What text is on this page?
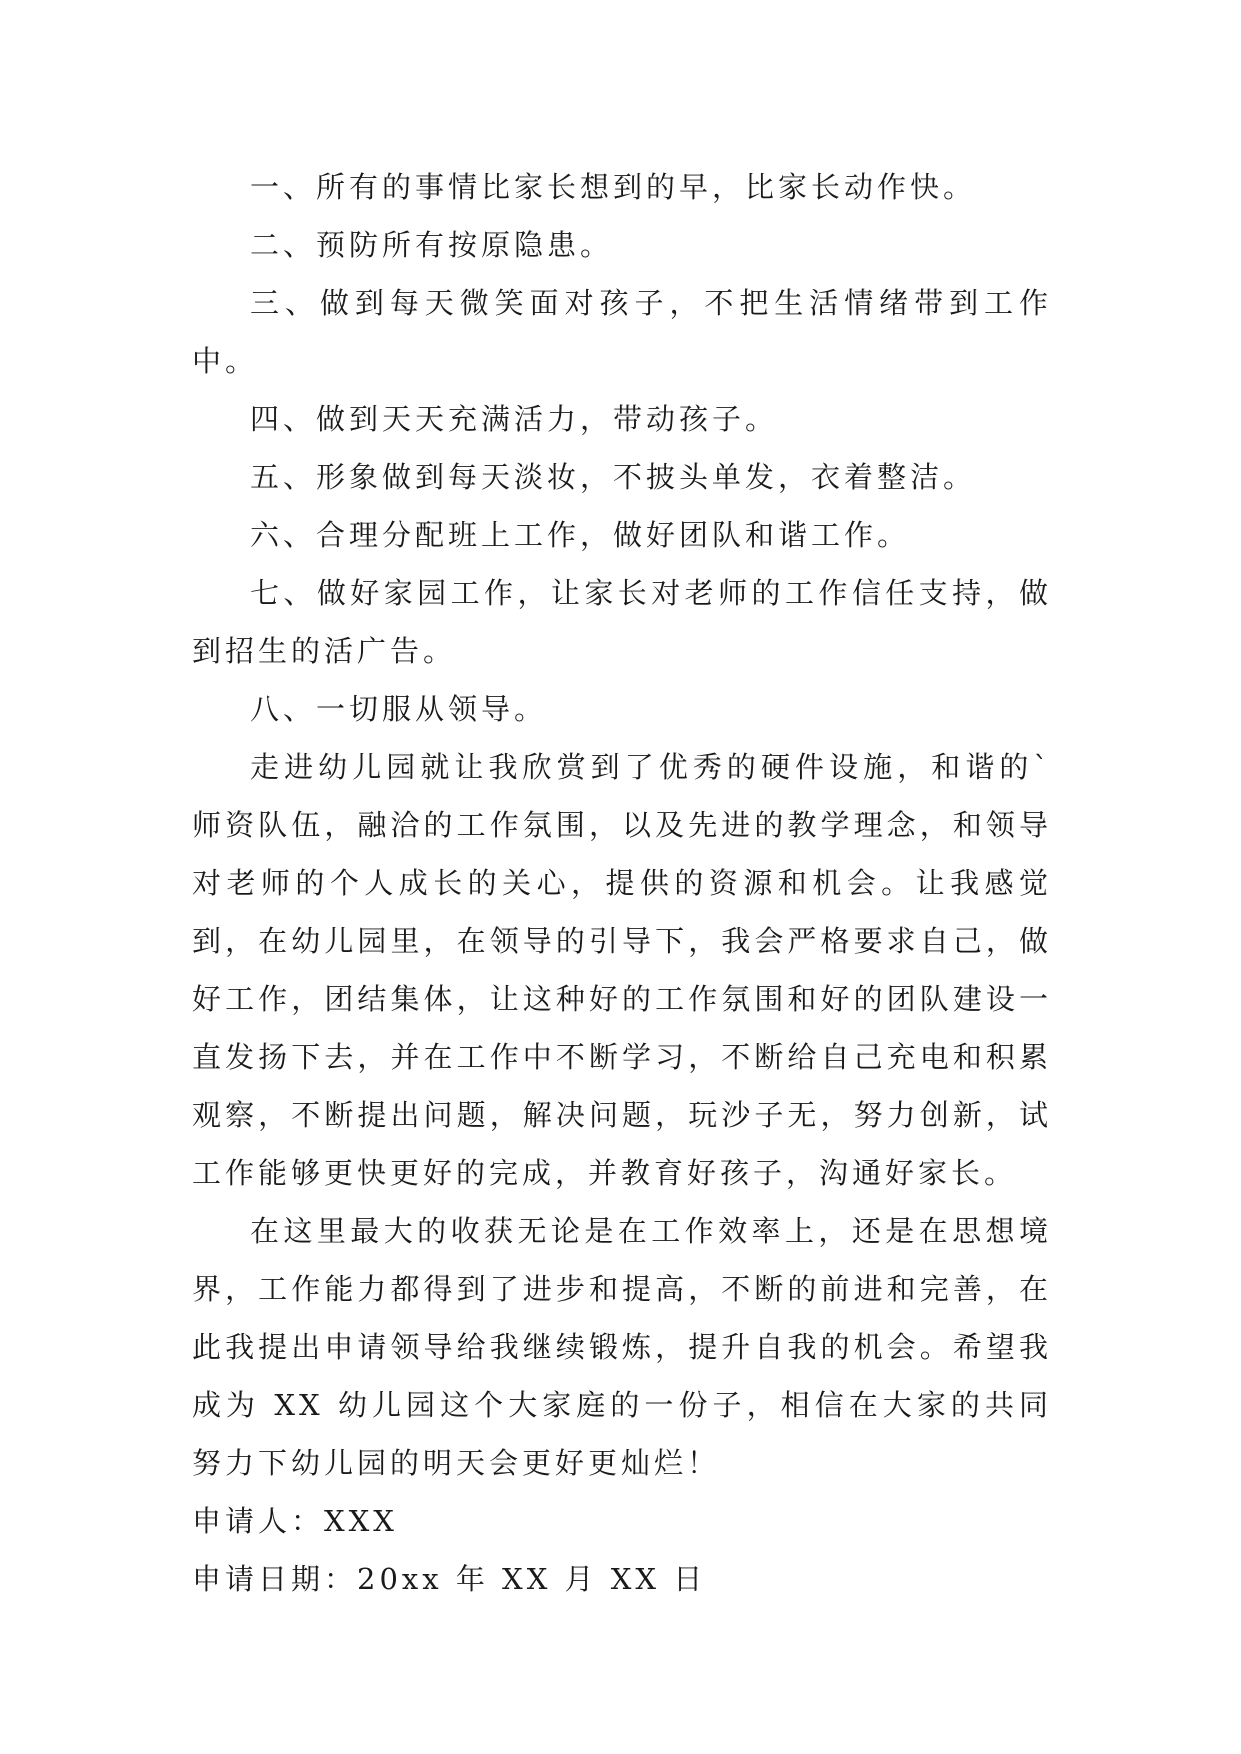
一、所有的事情比家长想到的早，比家长动作快。

二、预防所有按原隐患。

三、做到每天微笑面对孩子，不把生活情绪带到工作中。

四、做到天天充满活力，带动孩子。

五、形象做到每天淡妆，不披头单发，衣着整洁。

六、合理分配班上工作，做好团队和谐工作。

七、做好家园工作，让家长对老师的工作信任支持，做到招生的活广告。

八、一切服从领导。

走进幼儿园就让我欣赏到了优秀的硬件设施，和谐的`师资队伍，融洽的工作氛围，以及先进的教学理念，和领导对老师的个人成长的关心，提供的资源和机会。让我感觉到，在幼儿园里，在领导的引导下，我会严格要求自己，做好工作，团结集体，让这种好的工作氛围和好的团队建设一直发扬下去，并在工作中不断学习，不断给自己充电和积累观察，不断提出问题，解决问题，玩沙子无，努力创新，试工作能够更快更好的完成，并教育好孩子，沟通好家长。

在这里最大的收获无论是在工作效率上，还是在思想境界，工作能力都得到了进步和提高，不断的前进和完善，在此我提出申请领导给我继续锻炼，提升自我的机会。希望我成为 XX 幼儿园这个大家庭的一份子，相信在大家的共同努力下幼儿园的明天会更好更灿烂！

申请人：XXX

申请日期：20xx 年 XX 月 XX 日
